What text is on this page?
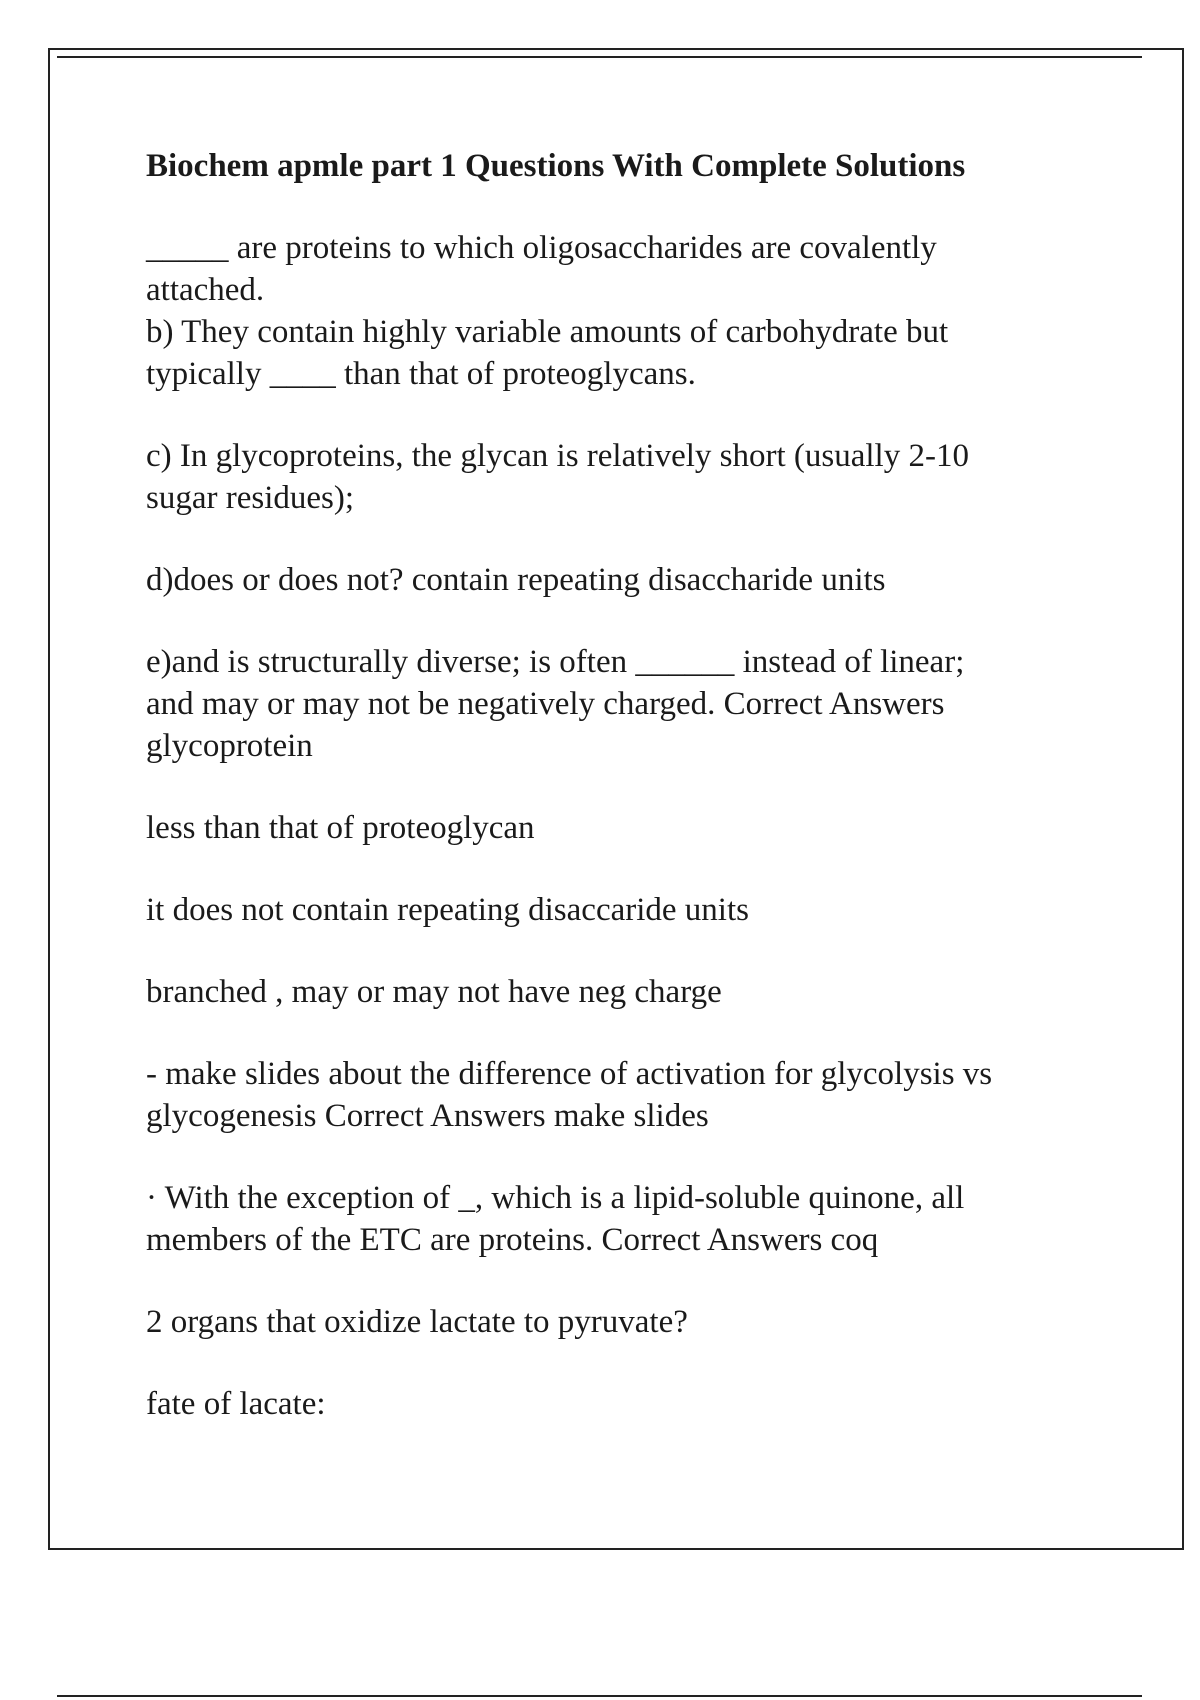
Biochem apmle part 1 Questions With Complete Solutions
_____ are proteins to which oligosaccharides are covalently
attached.
b) They contain highly variable amounts of carbohydrate but
typically ____ than that of proteoglycans.
c) In glycoproteins, the glycan is relatively short (usually 2-10
sugar residues);
d)does or does not? contain repeating disaccharide units
e)and is structurally diverse; is often ______ instead of linear;
and may or may not be negatively charged. Correct Answers
glycoprotein
less than that of proteoglycan
it does not contain repeating disaccaride units
branched , may or may not have neg charge
- make slides about the difference of activation for glycolysis vs
glycogenesis Correct Answers make slides
· With the exception of _, which is a lipid-soluble quinone, all
members of the ETC are proteins. Correct Answers coq
2 organs that oxidize lactate to pyruvate?
fate of lacate:
